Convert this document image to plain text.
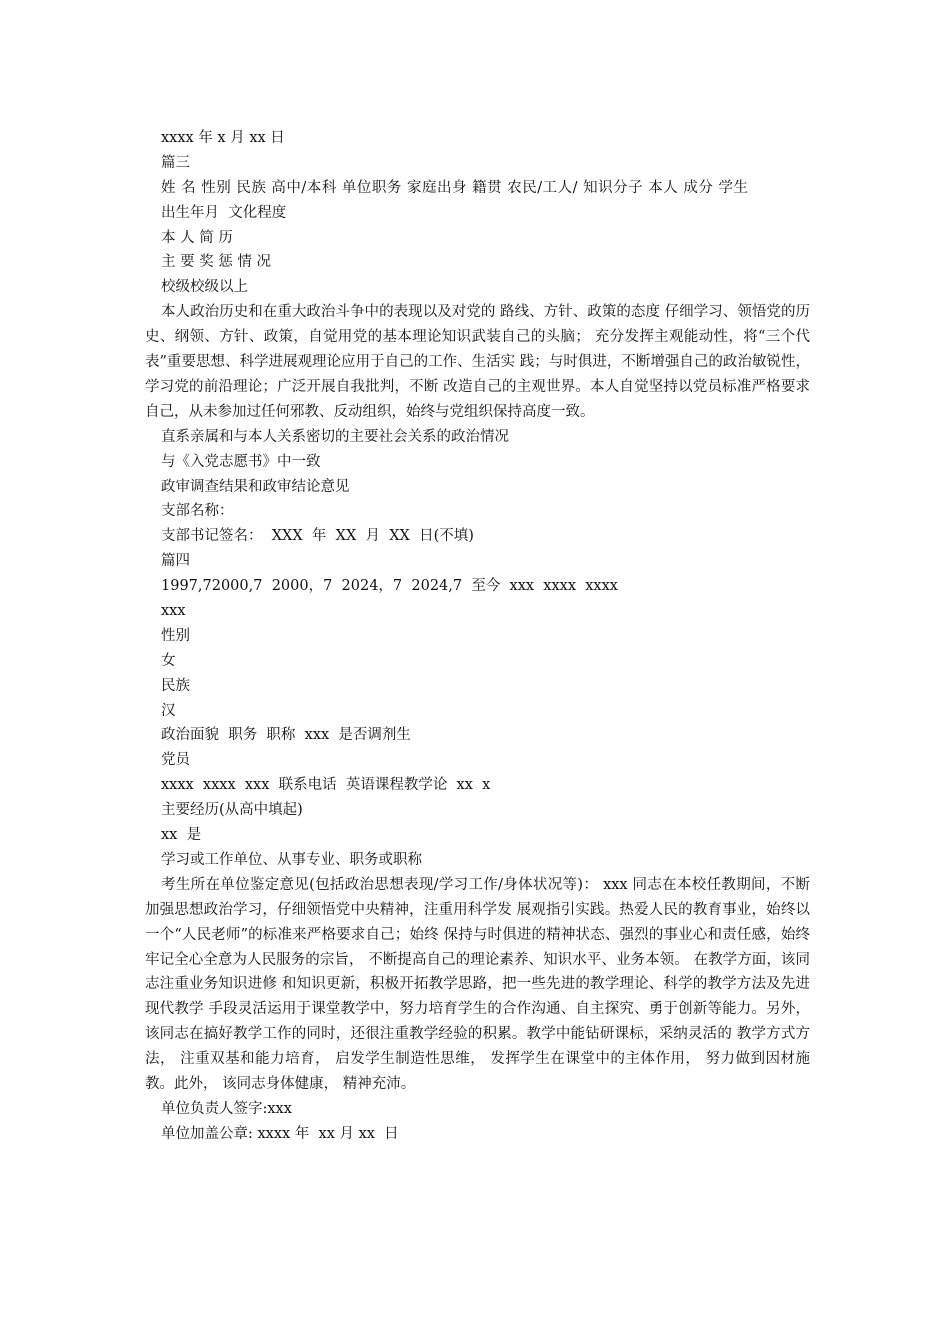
xxxx 年 x 月 xx 日

篇三

姓 名 性别 民族 高中/本科 单位职务 家庭出身 籍贯 农民/工人/ 知识分子 本人 成分 学生

出生年月  文化程度

本 人 简 历

主 要 奖 惩 情 况

校级校级以上

本人政治历史和在重大政治斗争中的表现以及对党的 路线、方针、政策的态度 仔细学习、领悟党的历史、纲领、方针、政策，自觉用党的基本理论知识武装自己的头脑； 充分发挥主观能动性，将“三个代表”重要思想、科学进展观理论应用于自己的工作、生活实 践；与时俱进，不断增强自己的政治敏锐性，学习党的前沿理论；广泛开展自我批判，不断 改造自己的主观世界。本人自觉坚持以党员标准严格要求自己，从未参加过任何邪教、反动组织，始终与党组织保持高度一致。

直系亲属和与本人关系密切的主要社会关系的政治情况

与《入党志愿书》中一致

政审调查结果和政审结论意见

支部名称：

支部书记签名：  XXX  年  XX  月  XX  日(不填)

篇四

1997,72000,7  2000，7  2024，7  2024,7  至今  xxx  xxxx  xxxx

xxx

性别

女

民族

汉

政治面貌  职务  职称  xxx  是否调剂生

党员

xxxx  xxxx  xxx  联系电话  英语课程教学论  xx  x

主要经历(从高中填起)

xx  是

学习或工作单位、从事专业、职务或职称

考生所在单位鉴定意见(包括政治思想表现/学习工作/身体状况等)： xxx 同志在本校任教期间，不断加强思想政治学习，仔细领悟党中央精神，注重用科学发 展观指引实践。热爱人民的教育事业，始终以一个“人民老师”的标准来严格要求自己；始终 保持与时俱进的精神状态、强烈的事业心和责任感，始终牢记全心全意为人民服务的宗旨， 不断提高自己的理论素养、知识水平、业务本领。 在教学方面，该同志注重业务知识进修 和知识更新，积极开拓教学思路，把一些先进的教学理论、科学的教学方法及先进现代教学 手段灵活运用于课堂教学中，努力培育学生的合作沟通、自主探究、勇于创新等能力。另外， 该同志在搞好教学工作的同时，还很注重教学经验的积累。教学中能钻研课标，采纳灵活的 教学方式方法， 注重双基和能力培育， 启发学生制造性思维， 发挥学生在课堂中的主体作用， 努力做到因材施教。此外， 该同志身体健康， 精神充沛。

单位负责人签字:xxx

单位加盖公章: xxxx 年  xx 月 xx  日
